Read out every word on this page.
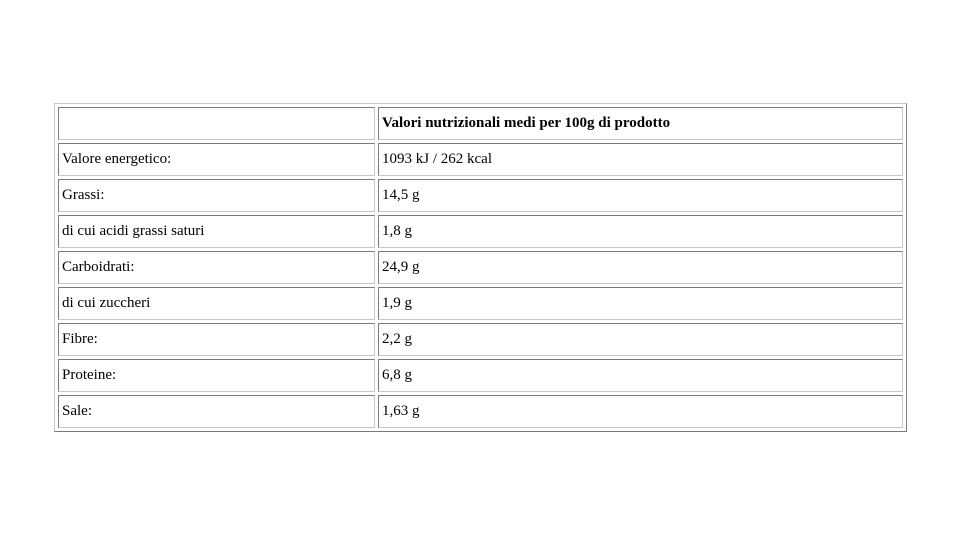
	Valori nutrizionali medi per 100g di prodotto
Valore energetico:	1093 kJ / 262 kcal
Grassi:	14,5 g
di cui acidi grassi saturi	1,8 g
Carboidrati:	24,9 g
di cui zuccheri	1,9 g
Fibre:	2,2 g
Proteine:	6,8 g
Sale:	1,63 g
